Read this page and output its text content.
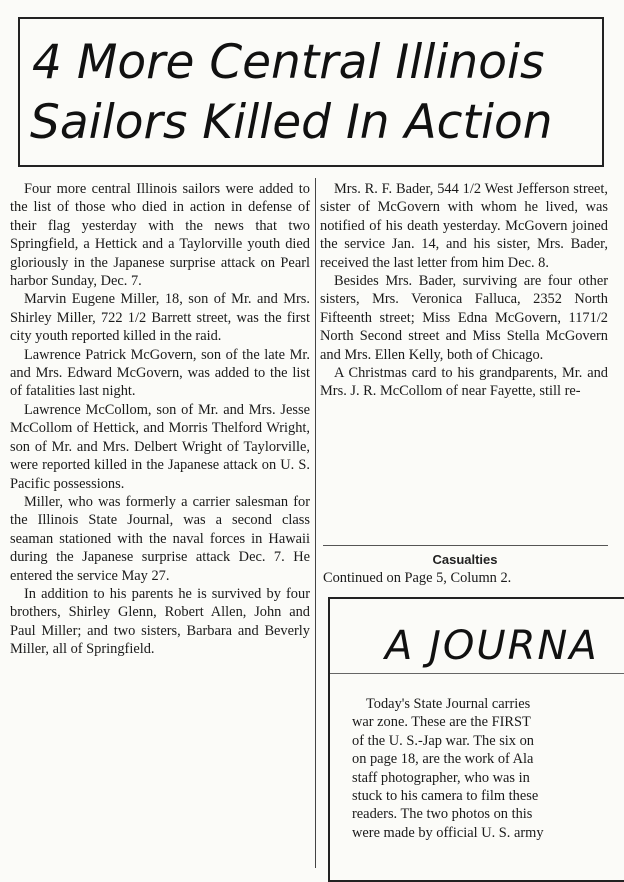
4 More Central Illinois
Sailors Killed In Action

Four more central Illinois sailors were added to the list of those who died in action in defense of their flag yesterday with the news that two Springfield, a Hettick and a Taylorville youth died gloriously in the Japanese surprise attack on Pearl harbor Sunday, Dec. 7.

Marvin Eugene Miller, 18, son of Mr. and Mrs. Shirley Miller, 722 1/2 Barrett street, was the first city youth reported killed in the raid.

Lawrence Patrick McGovern, son of the late Mr. and Mrs. Edward McGovern, was added to the list of fatalities last night.

Lawrence McCollom, son of Mr. and Mrs. Jesse McCollom of Hettick, and Morris Thelford Wright, son of Mr. and Mrs. Delbert Wright of Taylorville, were reported killed in the Japanese attack on U. S. Pacific possessions.

Miller, who was formerly a carrier salesman for the Illinois State Journal, was a second class seaman stationed with the naval forces in Hawaii during the Japanese surprise attack Dec. 7. He entered the service May 27.

In addition to his parents he is survived by four brothers, Shirley Glenn, Robert Allen, John and Paul Miller; and two sisters, Barbara and Beverly Miller, all of Springfield.

Mrs. R. F. Bader, 544 1/2 West Jefferson street, sister of McGovern with whom he lived, was notified of his death yesterday. McGovern joined the service Jan. 14, and his sister, Mrs. Bader, received the last letter from him Dec. 8.

Besides Mrs. Bader, surviving are four other sisters, Mrs. Veronica Falluca, 2352 North Fifteenth street; Miss Edna McGovern, 1171/2 North Second street and Miss Stella McGovern and Mrs. Ellen Kelly, both of Chicago.

A Christmas card to his grandparents, Mr. and Mrs. J. R. McCollom of near Fayette, still re-

Casualties
Continued on Page 5, Column 2.
A JOURNA
Today's State Journal carries
war zone. These are the FIRST
of the U. S.-Jap war. The six on
on page 18, are the work of Ala
staff photographer, who was in
stuck to his camera to film these
readers. The two photos on this
were made by official U. S. army
